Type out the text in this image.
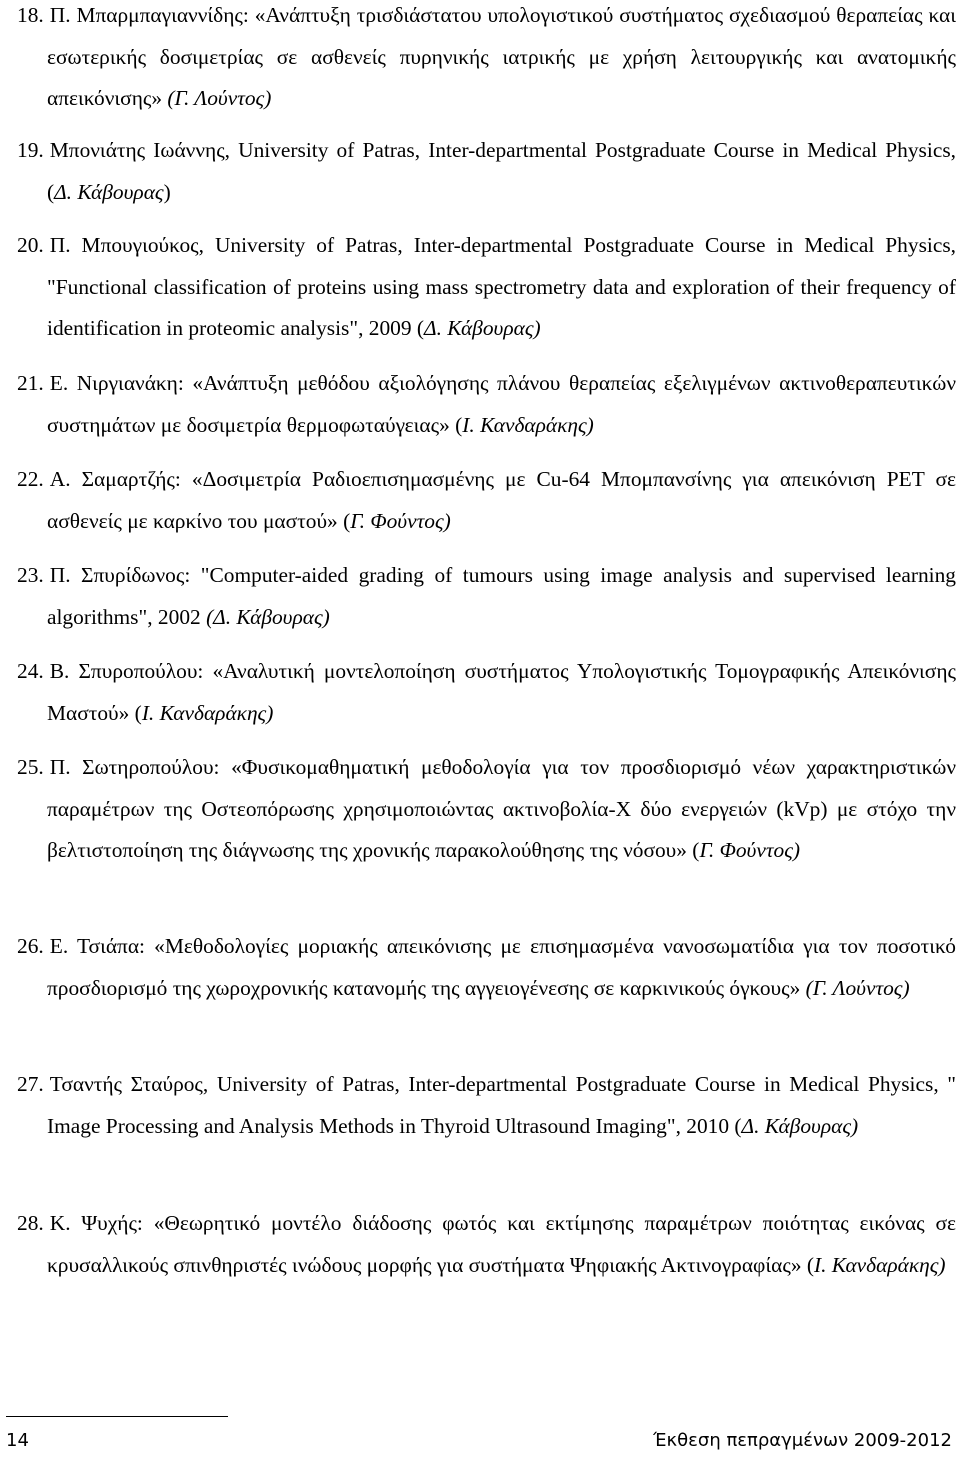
18. Π. Μπαρμπαγιαννίδης: «Ανάπτυξη τρισδιάστατου υπολογιστικού συστήματος σχεδιασμού θεραπείας και εσωτερικής δοσιμετρίας σε ασθενείς πυρηνικής ιατρικής με χρήση λειτουργικής και ανατομικής απεικόνισης» (Γ. Λούντος)
19. Μπονιάτης Ιωάννης, University of Patras, Inter-departmental Postgraduate Course in Medical Physics, (Δ. Κάβουρας)
20. Π. Μπουγιούκος, University of Patras, Inter-departmental Postgraduate Course in Medical Physics, "Functional classification of proteins using mass spectrometry data and exploration of their frequency of identification in proteomic analysis", 2009 (Δ. Κάβουρας)
21. Ε. Νιργιανάκη: «Ανάπτυξη μεθόδου αξιολόγησης πλάνου θεραπείας εξελιγμένων ακτινοθεραπευτικών συστημάτων με δοσιμετρία θερμοφωταύγειας» (Ι. Κανδαράκης)
22. Α. Σαμαρτζής: «Δοσιμετρία Ραδιοεπισημασμένης με Cu-64 Μπομπανσίνης για απεικόνιση PET σε ασθενείς με καρκίνο του μαστού» (Γ. Φούντος)
23. Π. Σπυρίδωνος: "Computer-aided grading of tumours using image analysis and supervised learning algorithms", 2002 (Δ. Κάβουρας)
24. Β. Σπυροπούλου: «Αναλυτική μοντελοποίηση συστήματος Υπολογιστικής Τομογραφικής Απεικόνισης Μαστού» (Ι. Κανδαράκης)
25. Π. Σωτηροπούλου: «Φυσικομαθηματική μεθοδολογία για τον προσδιορισμό νέων χαρακτηριστικών παραμέτρων της Οστεοπόρωσης χρησιμοποιώντας ακτινοβολία-Χ δύο ενεργειών (kVp) με στόχο την βελτιστοποίηση της διάγνωσης της χρονικής παρακολούθησης της νόσου» (Γ. Φούντος)
26. Ε. Τσιάπα: «Μεθοδολογίες μοριακής απεικόνισης με επισημασμένα νανοσωματίδια για τον ποσοτικό προσδιορισμό της χωροχρονικής κατανομής της αγγειογένεσης σε καρκινικούς όγκους» (Γ. Λούντος)
27. Τσαντής Σταύρος, University of Patras, Inter-departmental Postgraduate Course in Medical Physics, " Image Processing and Analysis Methods in Thyroid Ultrasound Imaging", 2010 (Δ. Κάβουρας)
28. Κ. Ψυχής: «Θεωρητικό μοντέλο διάδοσης φωτός και εκτίμησης παραμέτρων ποιότητας εικόνας σε κρυσαλλικούς σπινθηριστές ινώδους μορφής για συστήματα Ψηφιακής Ακτινογραφίας» (Ι. Κανδαράκης)
14	Έκθεση πεπραγμένων 2009-2012
